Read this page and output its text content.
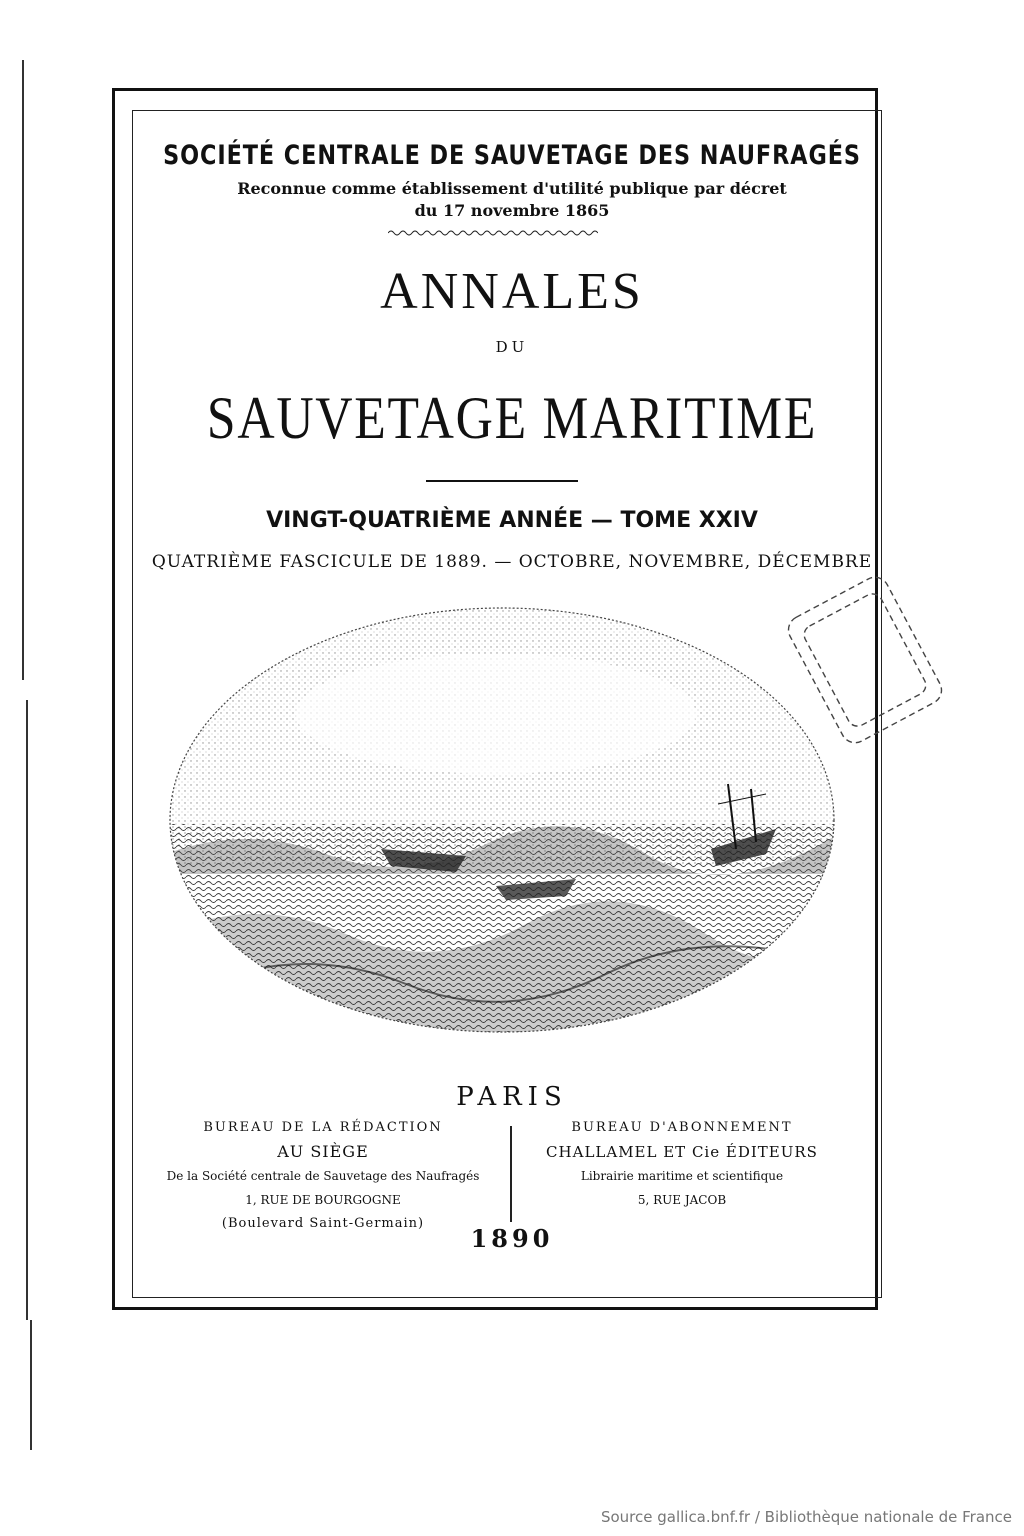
SOCIÉTÉ CENTRALE DE SAUVETAGE DES NAUFRAGÉS
Reconnue comme établissement d'utilité publique par décret
du 17 novembre 1865
ANNALES
DU
SAUVETAGE MARITIME
VINGT-QUATRIÈME ANNÉE — TOME XXIV
QUATRIÈME FASCICULE DE 1889. — OCTOBRE, NOVEMBRE, DÉCEMBRE
PARIS
BUREAU DE LA RÉDACTION
AU SIÈGE
De la Société centrale de Sauvetage des Naufragés
1, RUE DE BOURGOGNE
(Boulevard Saint-Germain)
BUREAU D'ABONNEMENT
CHALLAMEL ET Cie ÉDITEURS
Librairie maritime et scientifique
5, RUE JACOB
1890
Source gallica.bnf.fr / Bibliothèque nationale de France
